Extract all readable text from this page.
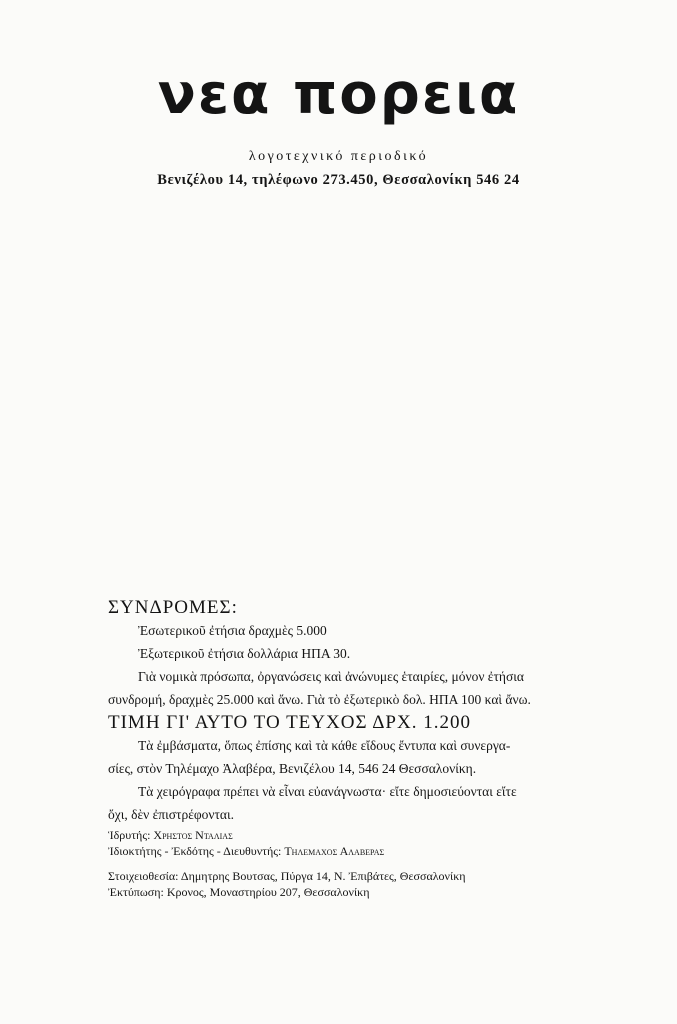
νεα πορεια
λογοτεχνικό περιοδικό
Βενιζέλου 14, τηλέφωνο 273.450, Θεσσαλονίκη 546 24
ΣΥΝΔΡΟΜΕΣ:
Ἐσωτερικοῦ ἐτήσια δραχμὲς 5.000
Ἐξωτερικοῦ ἐτήσια δολλάρια ΗΠΑ 30.
Γιὰ νομικὰ πρόσωπα, ὀργανώσεις καὶ ἀνώνυμες ἑταιρίες, μόνον ἐτήσια
συνδρομή, δραχμὲς 25.000 καὶ ἄνω. Γιὰ τὸ ἐξωτερικὸ δολ. ΗΠΑ 100 καὶ ἄνω.
ΤΙΜΗ ΓΙ' ΑΥΤΟ ΤΟ ΤΕΥΧΟΣ ΔΡΧ. 1.200
Τὰ ἐμβάσματα, ὅπως ἐπίσης καὶ τὰ κάθε εἴδους ἔντυπα καὶ συνεργα-
σίες, στὸν Τηλέμαχο Ἀλαβέρα, Βενιζέλου 14, 546 24 Θεσσαλονίκη.
Τὰ χειρόγραφα πρέπει νὰ εἶναι εὐανάγνωστα· εἴτε δημοσιεύονται εἴτε
ὄχι, δὲν ἐπιστρέφονται.
Ἱδρυτής: Χρηστος Νταλιας
Ἰδιοκτήτης - Ἐκδότης - Διευθυντής: Τηλεμαχος Αλαβερας
Στοιχειοθεσία: Δημητρης Βουτσας, Πύργα 14, Ν. Ἐπιβάτες, Θεσσαλονίκη
Ἐκτύπωση: Κρονος, Μοναστηρίου 207, Θεσσαλονίκη
